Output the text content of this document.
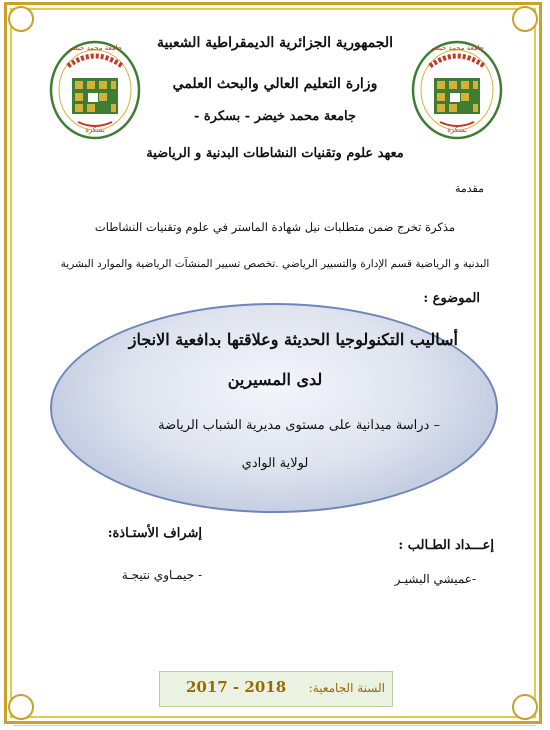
جامعة محمد خيضر
بسكرة
جامعة محمد خيضر
بسكرة
الجمهورية الجزائرية الديمقراطية الشعبية
وزارة التعليم العالي والبحث العلمي
جامعة محمد خيضر - بسكرة -
معهد علوم وتقنيات النشاطات البدنية و الرياضية
مقدمة
مذكرة تخرج ضمن متطلبات نيل شهادة الماستر في علوم وتقنيات النشاطات
البدنية و الرياضية قسم الإدارة والتسيير الرياضي .تخصص تسيير المنشآت الرياضية والموارد البشرية
الموضوع :
أساليب التكنولوجيا الحديثة وعلاقتها بدافعية الانجاز
لدى المسيرين
– دراسة ميدانية على مستوى مديرية الشباب الرياضة
لولاية الوادي
إعـــداد الطـالب :
-عميشي البشيـر
إشراف الأستـاذة:
- جيمـاوي نتيجـة
السنة الجامعية:
2017 - 2018
